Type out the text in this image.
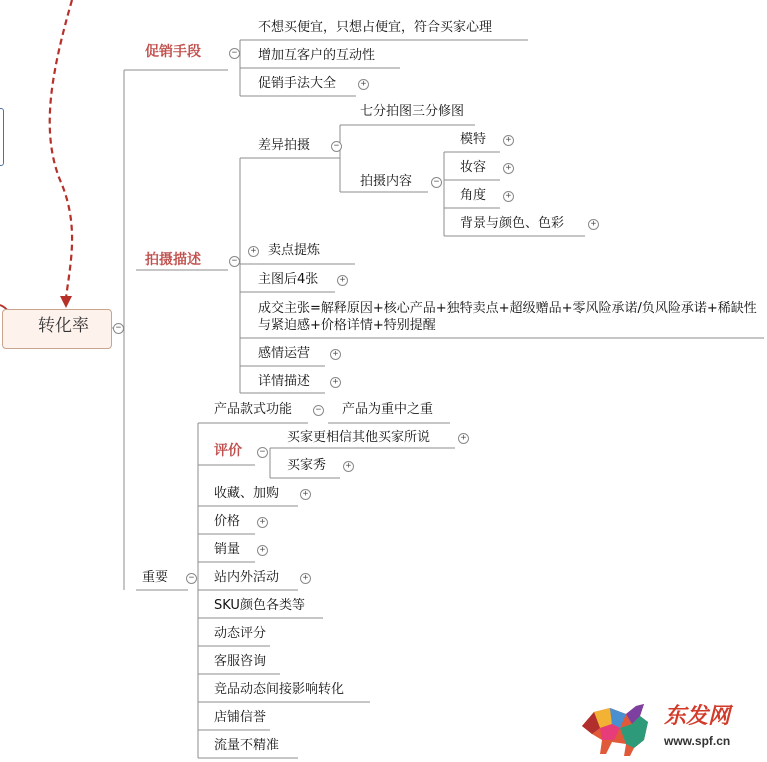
转化率	−
促销手段	−
不想买便宜，只想占便宜，符合买家心理
增加互客户的互动性
促销手法大全	+
拍摄描述	−
差异拍摄	−
七分拍图三分修图
拍摄内容	−
模特	+
妆容	+
角度	+
背景与颜色、色彩	+
+ 卖点提炼
主图后4张	+
成交主张=解释原因+核心产品+独特卖点+超级赠品+零风险承诺/负风险承诺+稀缺性与紧迫感+价格详情+特别提醒
感情运营	+
详情描述	+
重要	−
产品款式功能	− 产品为重中之重
评价	−
买家更相信其他买家所说	+
买家秀	+
收藏、加购	+
价格	+
销量	+
站内外活动	+
SKU颜色各类等
动态评分
客服咨询
竞品动态间接影响转化
店铺信誉
流量不精准
东发网
www.spf.cn
